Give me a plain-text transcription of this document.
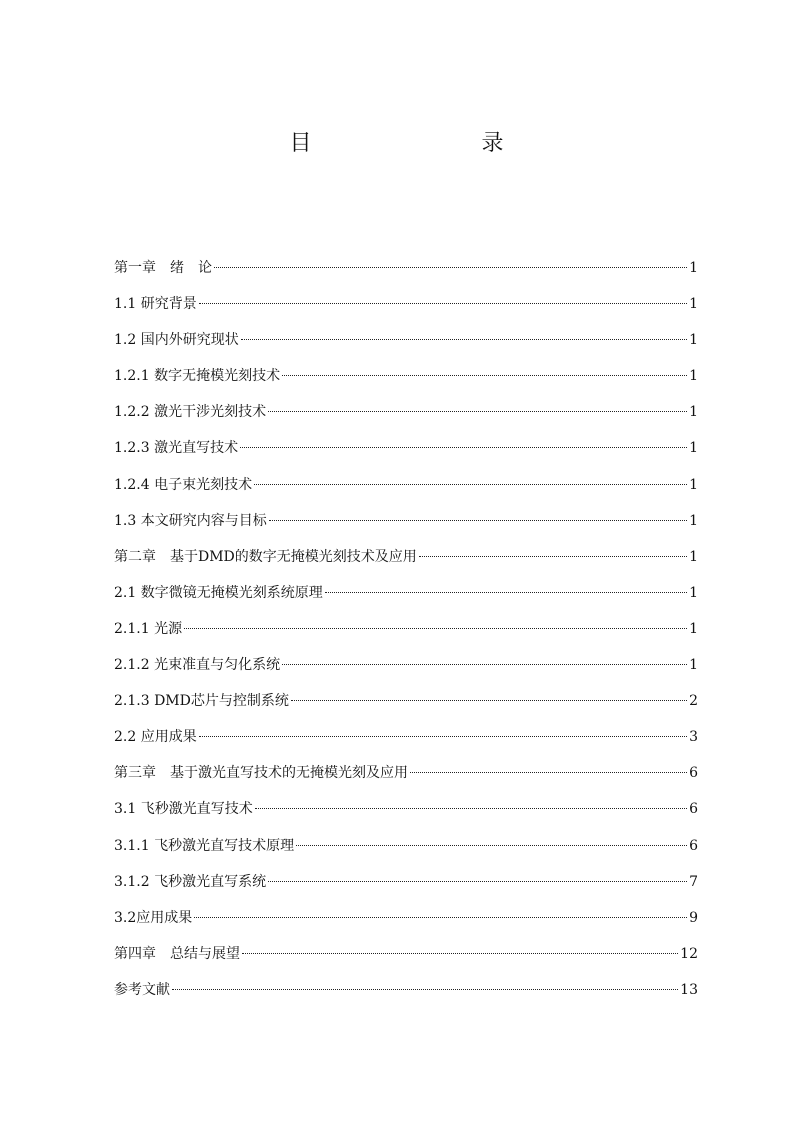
目　　录
第一章　绪　论	1
1.1 研究背景	1
1.2 国内外研究现状	1
1.2.1 数字无掩模光刻技术	1
1.2.2 激光干涉光刻技术	1
1.2.3 激光直写技术	1
1.2.4 电子束光刻技术	1
1.3 本文研究内容与目标	1
第二章　基于DMD的数字无掩模光刻技术及应用	1
2.1 数字微镜无掩模光刻系统原理	1
2.1.1 光源	1
2.1.2 光束准直与匀化系统	1
2.1.3 DMD芯片与控制系统	2
2.2 应用成果	3
第三章　基于激光直写技术的无掩模光刻及应用	6
3.1 飞秒激光直写技术	6
3.1.1 飞秒激光直写技术原理	6
3.1.2 飞秒激光直写系统	7
3.2应用成果	9
第四章　总结与展望	12
参考文献	13
